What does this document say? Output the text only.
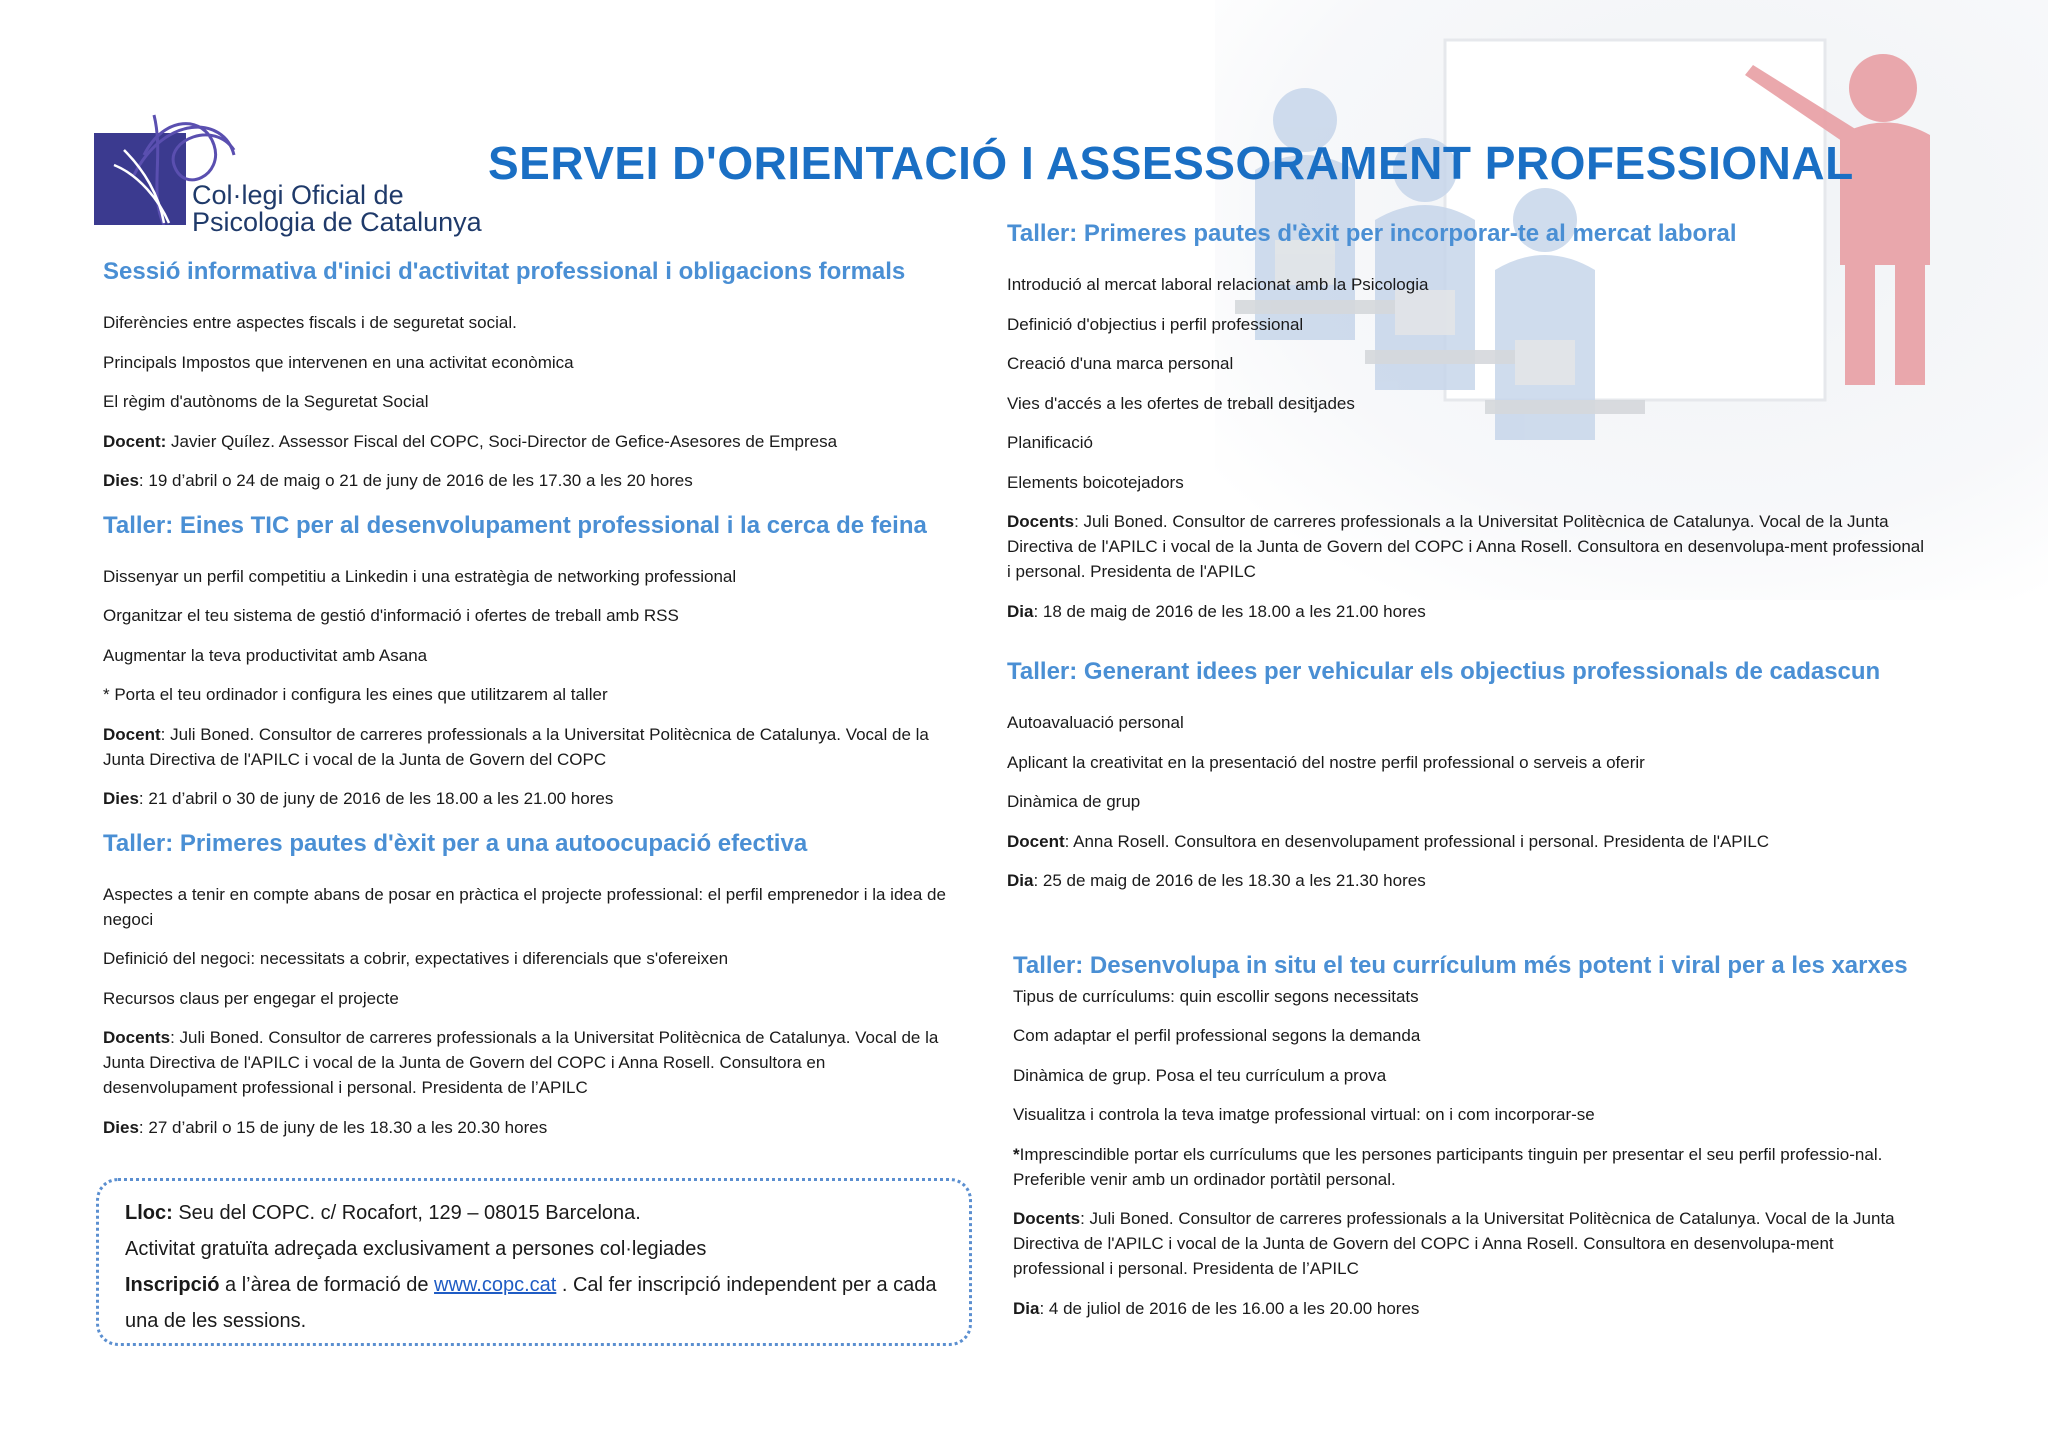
Col·legi Oficial de
Psicologia de Catalunya
SERVEI D'ORIENTACIÓ I ASSESSORAMENT PROFESSIONAL
Sessió informativa d'inici d'activitat professional i obligacions formals

Diferències entre aspectes fiscals i de seguretat social.

Principals Impostos que intervenen en una activitat econòmica

El règim d'autònoms de la Seguretat Social

Docent: Javier Quílez. Assessor Fiscal del COPC, Soci-Director de Gefice-Asesores de Empresa

Dies: 19 d’abril o 24 de maig o 21 de juny de 2016 de les 17.30 a les 20 hores

Taller: Eines TIC per al desenvolupament professional i la cerca de feina

Dissenyar un perfil competitiu a Linkedin i una estratègia de networking professional

Organitzar el teu sistema de gestió d'informació i ofertes de treball amb RSS

Augmentar la teva productivitat amb Asana

* Porta el teu ordinador i configura les eines que utilitzarem al taller

Docent: Juli Boned. Consultor de carreres professionals a la Universitat Politècnica de Catalunya. Vocal de la Junta Directiva de l'APILC i vocal de la Junta de Govern del COPC

Dies: 21 d’abril o 30 de juny de 2016 de les 18.00 a les 21.00 hores

Taller: Primeres pautes d'èxit per a una autoocupació efectiva

Aspectes a tenir en compte abans de posar en pràctica el projecte professional: el perfil emprenedor i la idea de negoci

Definició del negoci: necessitats a cobrir, expectatives i diferencials que s'ofereixen

Recursos claus per engegar el projecte

Docents: Juli Boned. Consultor de carreres professionals a la Universitat Politècnica de Catalunya. Vocal de la Junta Directiva de l'APILC i vocal de la Junta de Govern del COPC i Anna Rosell. Consultora en desenvolupament professional i personal. Presidenta de l’APILC

Dies: 27 d’abril o 15 de juny de les 18.30 a les 20.30 hores

Lloc: Seu del COPC. c/ Rocafort, 129 – 08015 Barcelona.
Activitat gratuïta adreçada exclusivament a persones col·legiades
Inscripció a l’àrea de formació de www.copc.cat . Cal fer inscripció independent per a cada una de les sessions.
Taller: Primeres pautes d'èxit per incorporar-te al mercat laboral

Introdució al mercat laboral relacionat amb la Psicologia

Definició d'objectius i perfil professional

Creació d'una marca personal

Vies d'accés a les ofertes de treball desitjades

Planificació

Elements boicotejadors

Docents: Juli Boned. Consultor de carreres professionals a la Universitat Politècnica de Catalunya. Vocal de la Junta Directiva de l'APILC i vocal de la Junta de Govern del COPC i Anna Rosell. Consultora en desenvolupa-ment professional i personal. Presidenta de l'APILC

Dia: 18 de maig de 2016 de les 18.00 a les 21.00 hores

Taller: Generant idees per vehicular els objectius professionals de cadascun

Autoavaluació personal

Aplicant la creativitat en la presentació del nostre perfil professional o serveis a oferir

Dinàmica de grup

Docent: Anna Rosell. Consultora en desenvolupament professional i personal. Presidenta de l'APILC

Dia: 25 de maig de 2016 de les 18.30 a les 21.30 hores

Taller: Desenvolupa in situ el teu currículum més potent i viral per a les xarxes

Tipus de currículums: quin escollir segons necessitats

Com adaptar el perfil professional segons la demanda

Dinàmica de grup. Posa el teu currículum a prova

Visualitza i controla la teva imatge professional virtual: on i com incorporar-se

*Imprescindible portar els currículums que les persones participants tinguin per presentar el seu perfil professio-nal. Preferible venir amb un ordinador portàtil personal.

Docents: Juli Boned. Consultor de carreres professionals a la Universitat Politècnica de Catalunya. Vocal de la Junta Directiva de l'APILC i vocal de la Junta de Govern del COPC i Anna Rosell. Consultora en desenvolupa-ment professional i personal. Presidenta de l’APILC

Dia: 4 de juliol de 2016 de les 16.00 a les 20.00 hores
